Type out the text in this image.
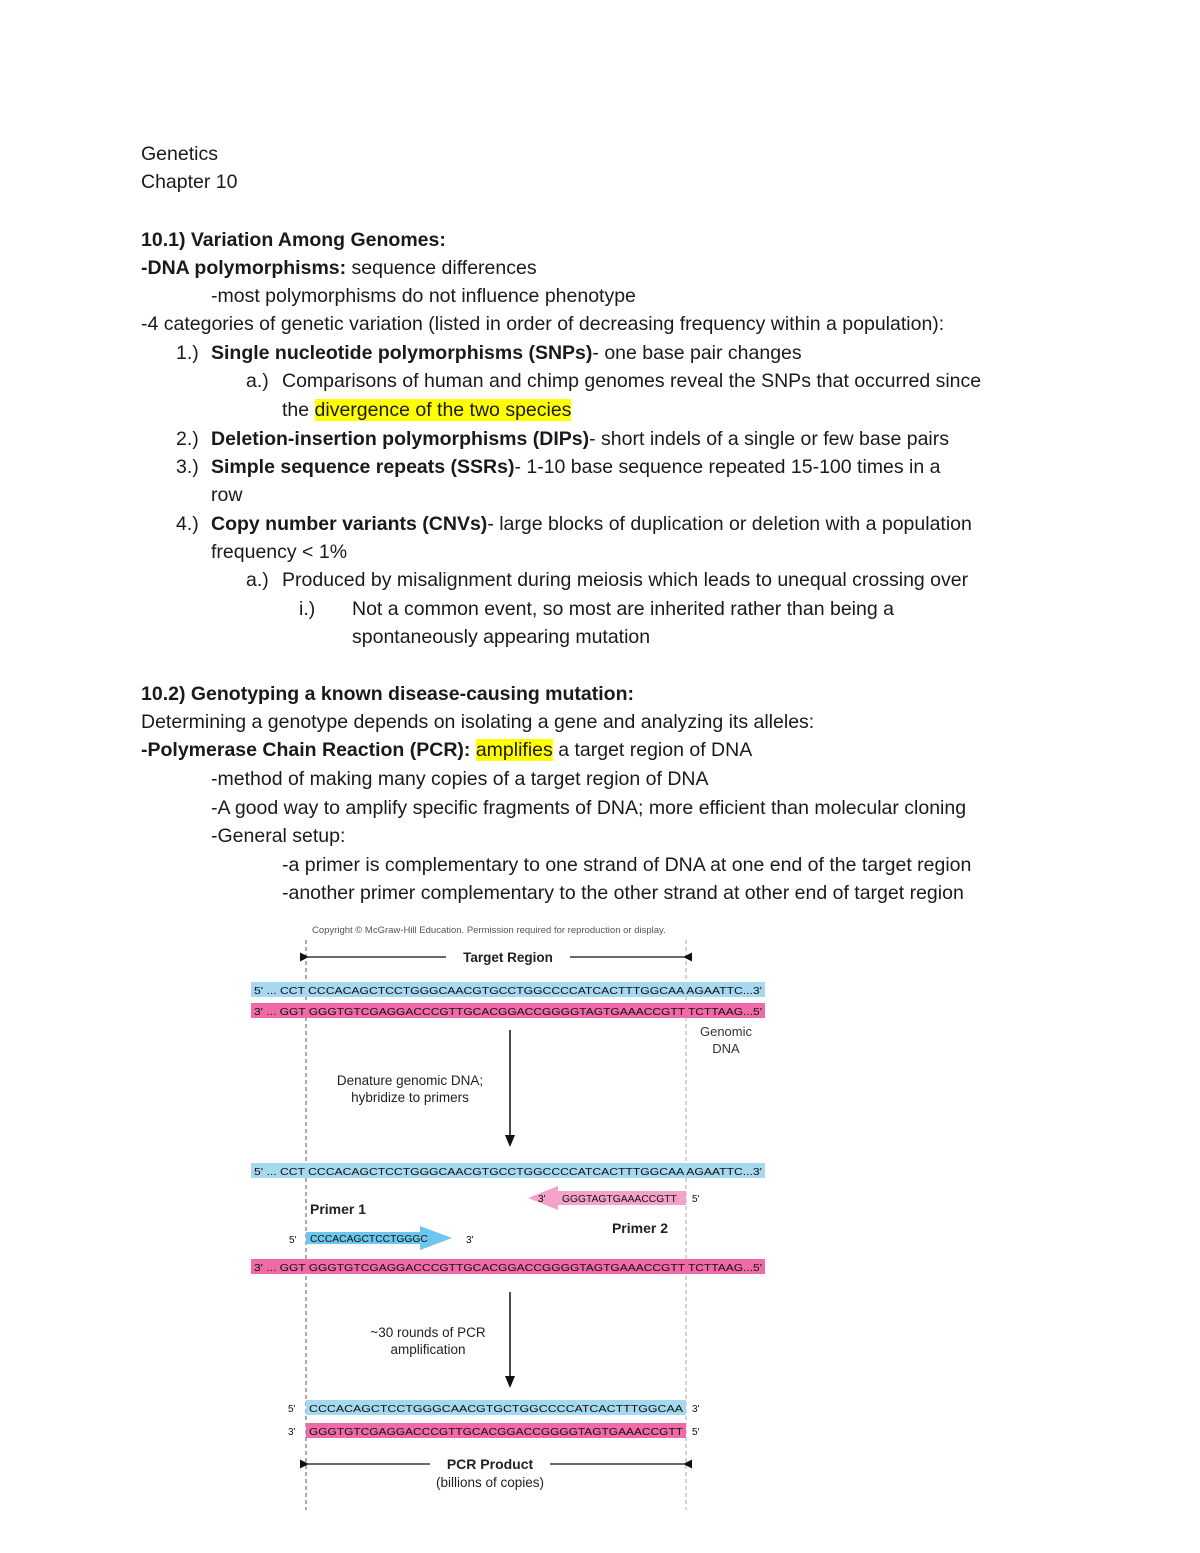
Genetics
Chapter 10
10.1) Variation Among Genomes:
-DNA polymorphisms: sequence differences
-most polymorphisms do not influence phenotype
-4 categories of genetic variation (listed in order of decreasing frequency within a population):
1.) Single nucleotide polymorphisms (SNPs)- one base pair changes
a.) Comparisons of human and chimp genomes reveal the SNPs that occurred since
the divergence of the two species
2.) Deletion-insertion polymorphisms (DIPs)- short indels of a single or few base pairs
3.) Simple sequence repeats (SSRs)- 1-10 base sequence repeated 15-100 times in a
row
4.) Copy number variants (CNVs)- large blocks of duplication or deletion with a population
frequency < 1%
a.) Produced by misalignment during meiosis which leads to unequal crossing over
i.) Not a common event, so most are inherited rather than being a
spontaneously appearing mutation
10.2) Genotyping a known disease-causing mutation:
Determining a genotype depends on isolating a gene and analyzing its alleles:
-Polymerase Chain Reaction (PCR): amplifies a target region of DNA
-method of making many copies of a target region of DNA
-A good way to amplify specific fragments of DNA; more efficient than molecular cloning
-General setup:
-a primer is complementary to one strand of DNA at one end of the target region
-another primer complementary to the other strand at other end of target region
Copyright © McGraw-Hill Education. Permission required for reproduction or display.
Target Region
5' ... CCT CCCACAGCTCCTGGGCAACGTGCCTGGCCCCATCACTTTGGCAA AGAATTC...3'
3' ... GGT GGGTGTCGAGGACCCGTTGCACGGACCGGGGTAGTGAAACCGTT TCTTAAG...5'
Genomic
DNA
Denature genomic DNA;
hybridize to primers
5' ... CCT CCCACAGCTCCTGGGCAACGTGCCTGGCCCCATCACTTTGGCAA AGAATTC...3'
3' GGGTAGTGAAACCGTT 5'
Primer 2
Primer 1
5' CCCACAGCTCCTGGGC	3'
3' ... GGT GGGTGTCGAGGACCCGTTGCACGGACCGGGGTAGTGAAACCGTT TCTTAAG...5'
~30 rounds of PCR
amplification
5' CCCACAGCTCCTGGGCAACGTGCTGGCCCCATCACTTTGGCAA 3'
3' GGGTGTCGAGGACCCGTTGCACGGACCGGGGTAGTGAAACCGTT 5'
PCR Product
(billions of copies)
